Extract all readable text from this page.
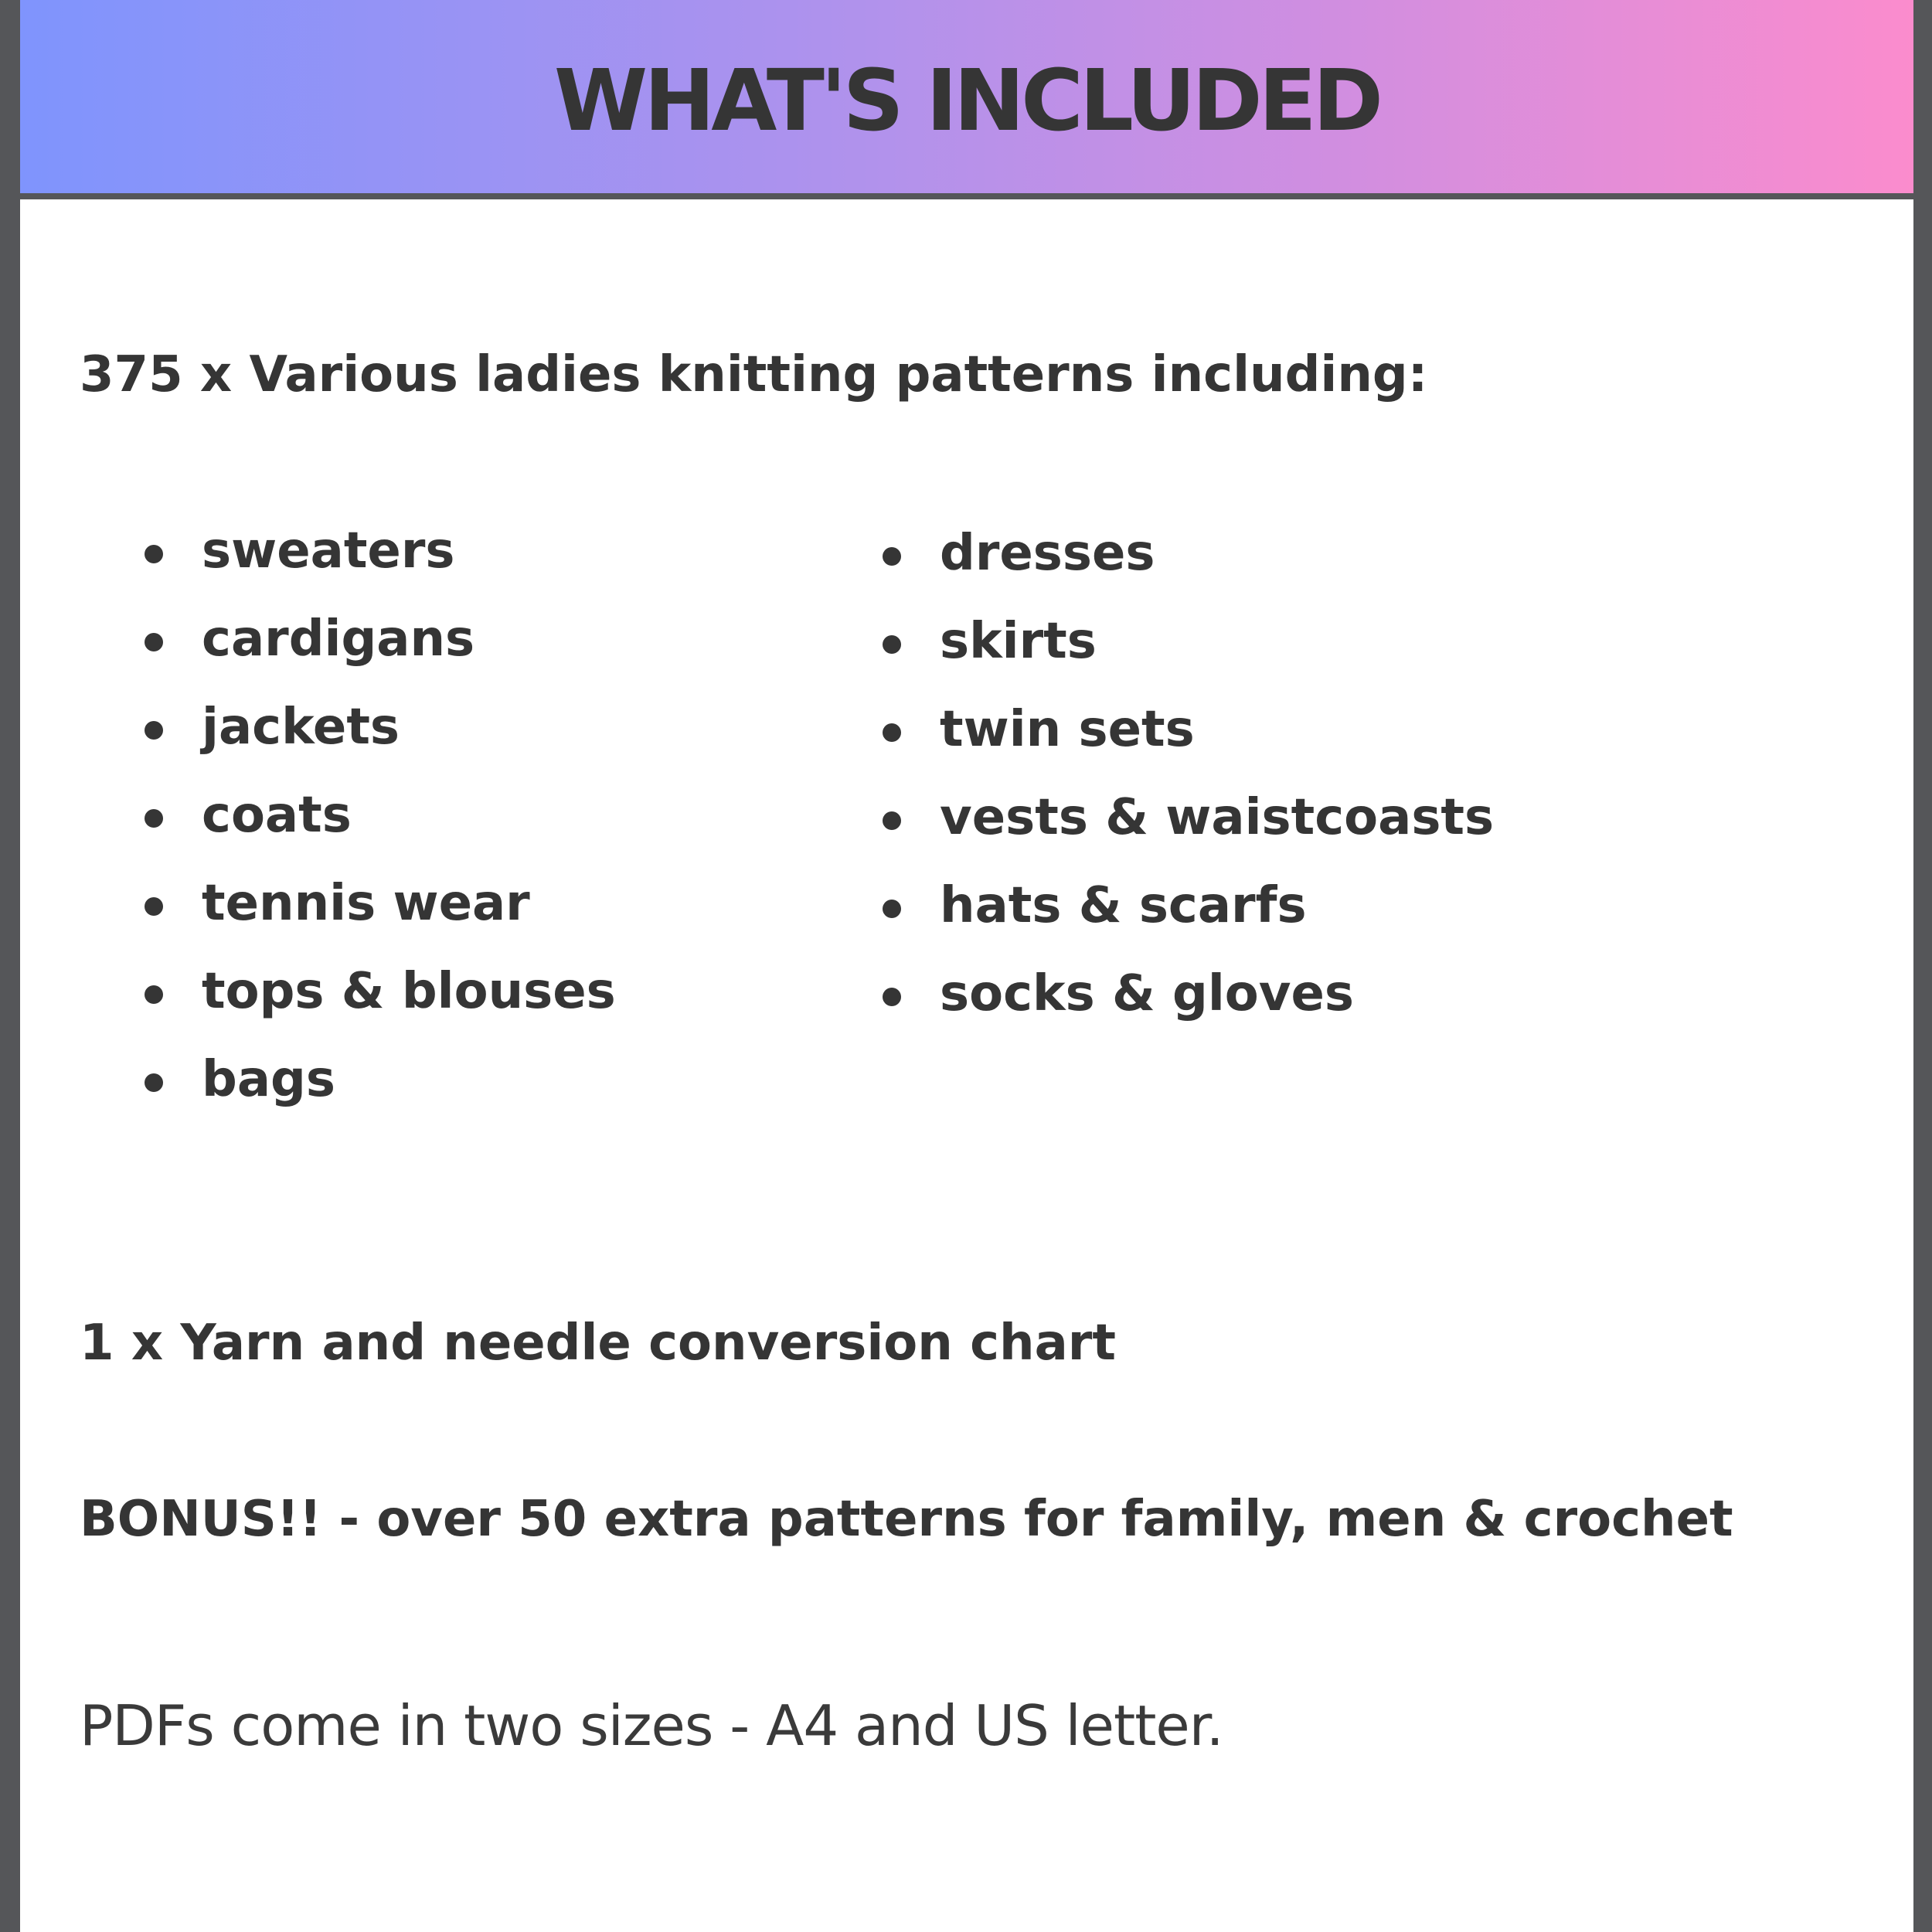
WHAT'S INCLUDED
375 x Various ladies knitting patterns including:
sweaters
cardigans
jackets
coats
tennis wear
tops & blouses
bags
dresses
skirts
twin sets
vests & waistcoasts
hats & scarfs
socks & gloves
1 x Yarn and needle conversion chart
BONUS!! - over 50 extra patterns for family, men & crochet
PDFs come in two sizes - A4 and US letter.
